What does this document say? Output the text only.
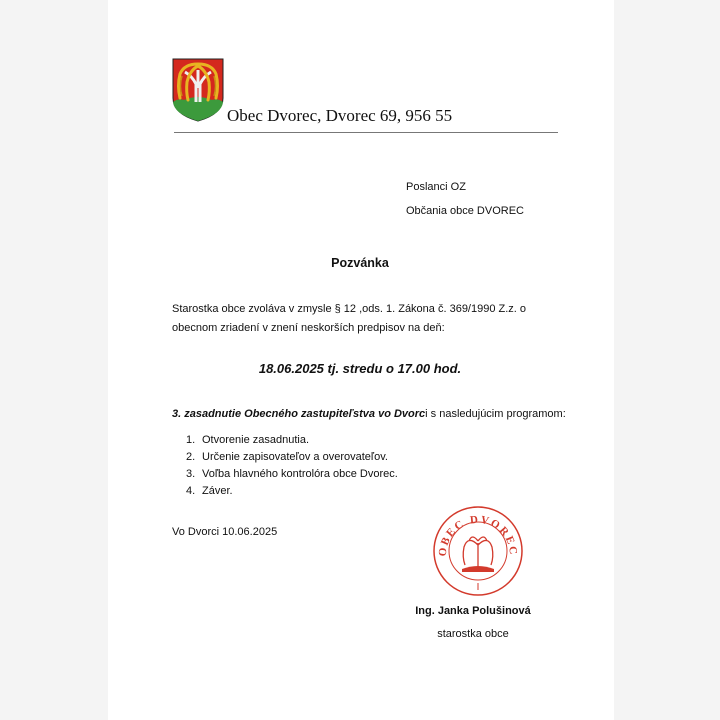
Obec Dvorec, Dvorec 69, 956 55

Poslanci OZ

Občania obce DVOREC

Pozvánka

Starostka obce zvoláva v zmysle § 12 ,ods. 1. Zákona č. 369/1990 Z.z. o obecnom zriadení v znení neskorších predpisov na deň:

18.06.2025 tj. stredu o 17.00 hod.

3. zasadnutie Obecného zastupiteľstva vo Dvorci s nasledujúcim programom:

1. Otvorenie zasadnutia.
2. Určenie zapisovateľov a overovateľov.
3. Voľba hlavného kontrolóra obce Dvorec.
4. Záver.

Vo Dvorci 10.06.2025

OBEC DVOREC

Ing. Janka Polušinová

starostka obce
